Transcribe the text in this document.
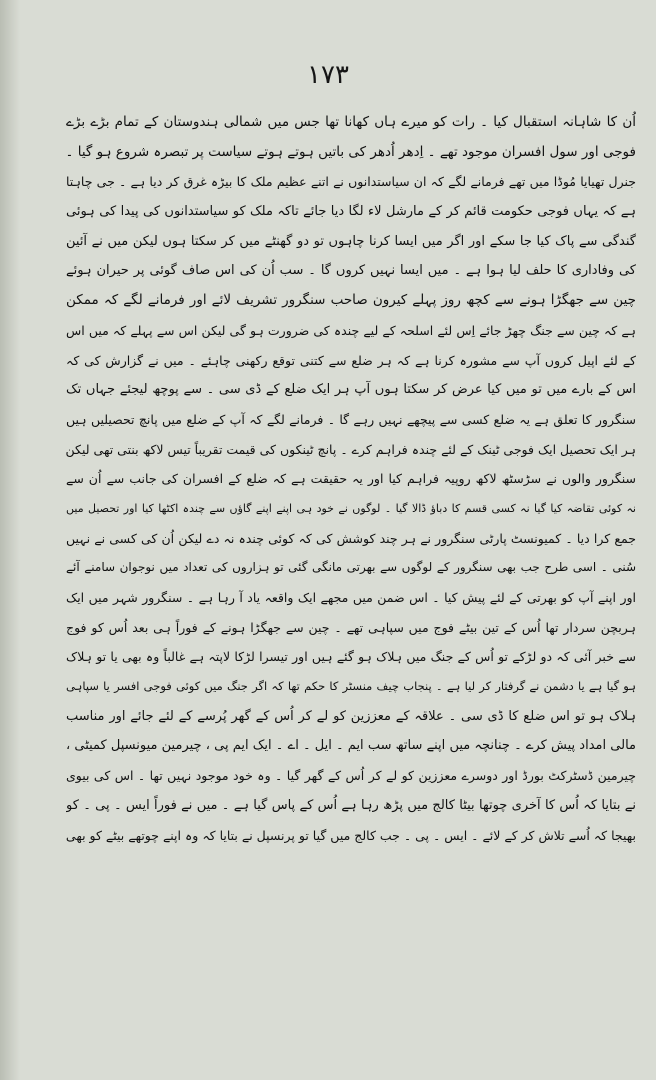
۱۷۳
اُن کا شاہانہ استقبال کیا ۔ رات کو میرے ہاں کھانا تھا جس میں شمالی ہندوستان کے تمام بڑے بڑے
فوجی اور سول افسران موجود تھے ۔ اِدھر اُدھر کی باتیں ہوتے ہوتے سیاست پر تبصرہ شروع ہو گیا ۔
جنرل تھیایا مُوڈا میں تھے فرمانے لگے کہ ان سیاستدانوں نے اتنے عظیم ملک کا بیڑہ غرق کر دیا ہے ۔ جی چاہتا
ہے کہ یہاں فوجی حکومت قائم کر کے مارشل لاء لگا دیا جائے تاکہ ملک کو سیاستدانوں کی پیدا کی ہوئی
گندگی سے پاک کیا جا سکے اور اگر میں ایسا کرنا چاہوں تو دو گھنٹے میں کر سکتا ہوں لیکن میں نے آئین
کی وفاداری کا حلف لیا ہوا ہے ۔ میں ایسا نہیں کروں گا ۔ سب اُن کی اس صاف گوئی پر حیران ہوئے
چین سے جھگڑا ہونے سے کچھ روز پہلے کیرون صاحب سنگرور تشریف لائے اور فرمانے لگے کہ ممکن
ہے کہ چین سے جنگ چھڑ جائے اِس لئے اسلحہ کے لیے چندہ کی ضرورت ہو گی لیکن اس سے پہلے کہ میں اس
کے لئے اپیل کروں آپ سے مشورہ کرنا ہے کہ ہر ضلع سے کتنی توقع رکھنی چاہئے ۔ میں نے گزارش کی کہ
اس کے بارے میں تو میں کیا عرض کر سکتا ہوں آپ ہر ایک ضلع کے ڈی سی ۔ سے پوچھ لیجئے جہاں تک
سنگرور کا تعلق ہے یہ ضلع کسی سے پیچھے نہیں رہے گا ۔ فرمانے لگے کہ آپ کے ضلع میں پانچ تحصیلیں ہیں
ہر ایک تحصیل ایک فوجی ٹینک کے لئے چندہ فراہم کرے ۔ پانچ ٹینکوں کی قیمت تقریباً تیس لاکھ بنتی تھی لیکن
سنگرور والوں نے سڑسٹھ لاکھ روپیہ فراہم کیا اور یہ حقیقت ہے کہ ضلع کے افسران کی جانب سے اُن سے
نہ کوئی تقاضہ کیا گیا نہ کسی قسم کا دباؤ ڈالا گیا ۔ لوگوں نے خود ہی اپنے اپنے گاؤں سے چندہ اکٹھا کیا اور تحصیل میں
جمع کرا دیا ۔ کمیونسٹ پارٹی سنگرور نے ہر چند کوشش کی کہ کوئی چندہ نہ دے لیکن اُن کی کسی نے نہیں
سُنی ۔ اسی طرح جب بھی سنگرور کے لوگوں سے بھرتی مانگی گئی تو ہزاروں کی تعداد میں نوجوان سامنے آئے
اور اپنے آپ کو بھرتی کے لئے پیش کیا ۔ اس ضمن میں مجھے ایک واقعہ یاد آ رہا ہے ۔ سنگرور شہر میں ایک
ہربچن سردار تھا اُس کے تین بیٹے فوج میں سپاہی تھے ۔ چین سے جھگڑا ہونے کے فوراً ہی بعد اُس کو فوج
سے خبر آئی کہ دو لڑکے تو اُس کے جنگ میں ہلاک ہو گئے ہیں اور تیسرا لڑکا لاپتہ ہے غالباً وہ بھی یا تو ہلاک
ہو گیا ہے یا دشمن نے گرفتار کر لیا ہے ۔ پنجاب چیف منسٹر کا حکم تھا کہ اگر جنگ میں کوئی فوجی افسر یا سپاہی
ہلاک ہو تو اس ضلع کا ڈی سی ۔ علاقہ کے معززین کو لے کر اُس کے گھر پُرسے کے لئے جائے اور مناسب
مالی امداد پیش کرے ۔ چنانچہ میں اپنے ساتھ سب ایم ۔ ایل ۔ اے ۔ ایک ایم پی ، چیرمین میونسپل کمیٹی ،
چیرمین ڈسٹرکٹ بورڈ اور دوسرے معززین کو لے کر اُس کے گھر گیا ۔ وہ خود موجود نہیں تھا ۔ اس کی بیوی
نے بتایا کہ اُس کا آخری چوتھا بیٹا کالج میں پڑھ رہا ہے اُس کے پاس گیا ہے ۔ میں نے فوراً ایس ۔ پی ۔ کو
بھیجا کہ اُسے تلاش کر کے لائے ۔ ایس ۔ پی ۔ جب کالج میں گیا تو پرنسپل نے بتایا کہ وہ اپنے چوتھے بیٹے کو بھی
